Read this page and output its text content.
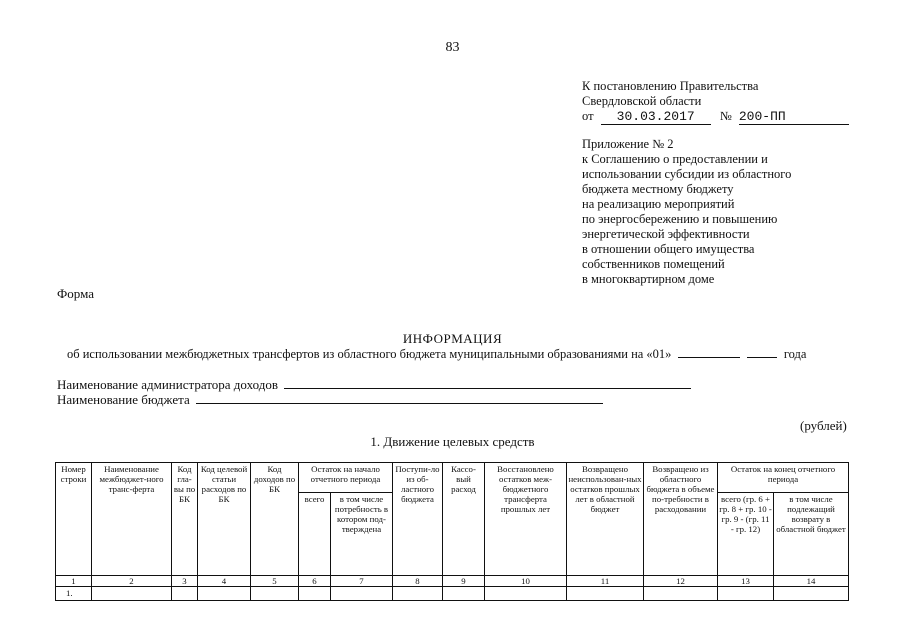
83
К постановлению Правительства
Свердловской области
от 30.03.2017 № 200-ПП
Приложение № 2
к Соглашению о предоставлении и
использовании субсидии из областного
бюджета местному бюджету
на реализацию мероприятий
по энергосбережению и повышению
энергетической эффективности
в отношении общего имущества
собственников помещений
в многоквартирном доме
Форма
ИНФОРМАЦИЯ
об использовании межбюджетных трансфертов из областного бюджета муниципальными образованиями на «01»	года
Наименование администратора доходов
Наименование бюджета
(рублей)
1. Движение целевых средств
Номер строки	Наименование межбюджет-ного транс-ферта	Код гла-вы по БК	Код целевой статьи расходов по БК	Код доходов по БК	Остаток на начало отчетного периода		Поступи-ло из об-ластного бюджета	Кассо-вый расход	Восстановлено остатков меж-бюджетного трансферта прошлых лет	Возвращено неиспользован-ных остатков прошлых лет в областной бюджет	Возвращено из областного бюджета в объеме по-требности в расходовании	Остаток на конец отчетного периода	
					всего	в том числе потребность в котором под-тверждена						всего (гр. 6 + гр. 8 + гр. 10 - гр. 9 - (гр. 11 - гр. 12)	в том числе подлежащий возврату в областной бюджет
1	2	3	4	5	6	7	8	9	10	11	12	13	14
1.													
